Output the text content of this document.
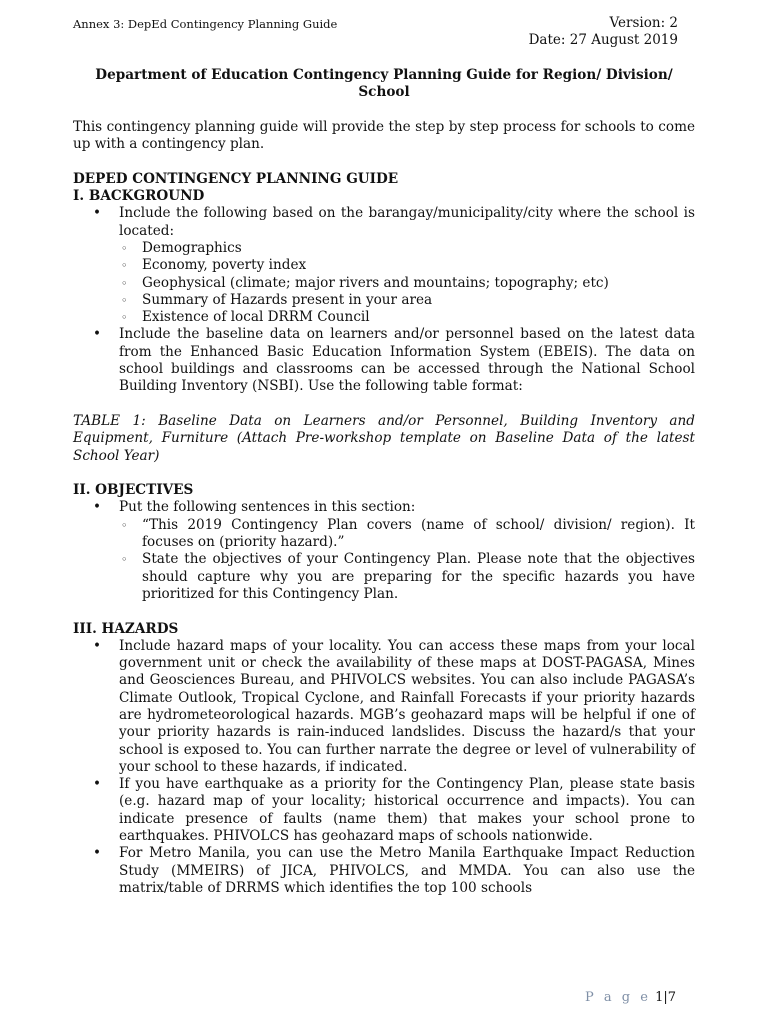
Annex 3: DepEd Contingency Planning Guide	Version: 2
Date: 27 August 2019

Department of Education Contingency Planning Guide for Region/ Division/ School

This contingency planning guide will provide the step by step process for schools to come up with a contingency plan.

DEPED CONTINGENCY PLANNING GUIDE

I. BACKGROUND

• Include the following based on the barangay/municipality/city where the school is located:
◦ Demographics
◦ Economy, poverty index
◦ Geophysical (climate; major rivers and mountains; topography; etc)
◦ Summary of Hazards present in your area
◦ Existence of local DRRM Council
• Include the baseline data on learners and/or personnel based on the latest data from the Enhanced Basic Education Information System (EBEIS). The data on school buildings and classrooms can be accessed through the National School Building Inventory (NSBI). Use the following table format:

TABLE 1: Baseline Data on Learners and/or Personnel, Building Inventory and Equipment, Furniture (Attach Pre-workshop template on Baseline Data of the latest School Year)

II. OBJECTIVES

• Put the following sentences in this section:
◦ “This 2019 Contingency Plan covers (name of school/ division/ region). It focuses on (priority hazard).”
◦ State the objectives of your Contingency Plan. Please note that the objectives should capture why you are preparing for the specific hazards you have prioritized for this Contingency Plan.

III. HAZARDS

• Include hazard maps of your locality. You can access these maps from your local government unit or check the availability of these maps at DOST-PAGASA, Mines and Geosciences Bureau, and PHIVOLCS websites. You can also include PAGASA’s Climate Outlook, Tropical Cyclone, and Rainfall Forecasts if your priority hazards are hydrometeorological hazards. MGB’s geohazard maps will be helpful if one of your priority hazards is rain-induced landslides. Discuss the hazard/s that your school is exposed to. You can further narrate the degree or level of vulnerability of your school to these hazards, if indicated.
• If you have earthquake as a priority for the Contingency Plan, please state basis (e.g. hazard map of your locality; historical occurrence and impacts). You can indicate presence of faults (name them) that makes your school prone to earthquakes. PHIVOLCS has geohazard maps of schools nationwide.
• For Metro Manila, you can use the Metro Manila Earthquake Impact Reduction Study (MMEIRS) of JICA, PHIVOLCS, and MMDA. You can also use the matrix/table of DRRMS which identifies the top 100 schools
P a g e 1|7
